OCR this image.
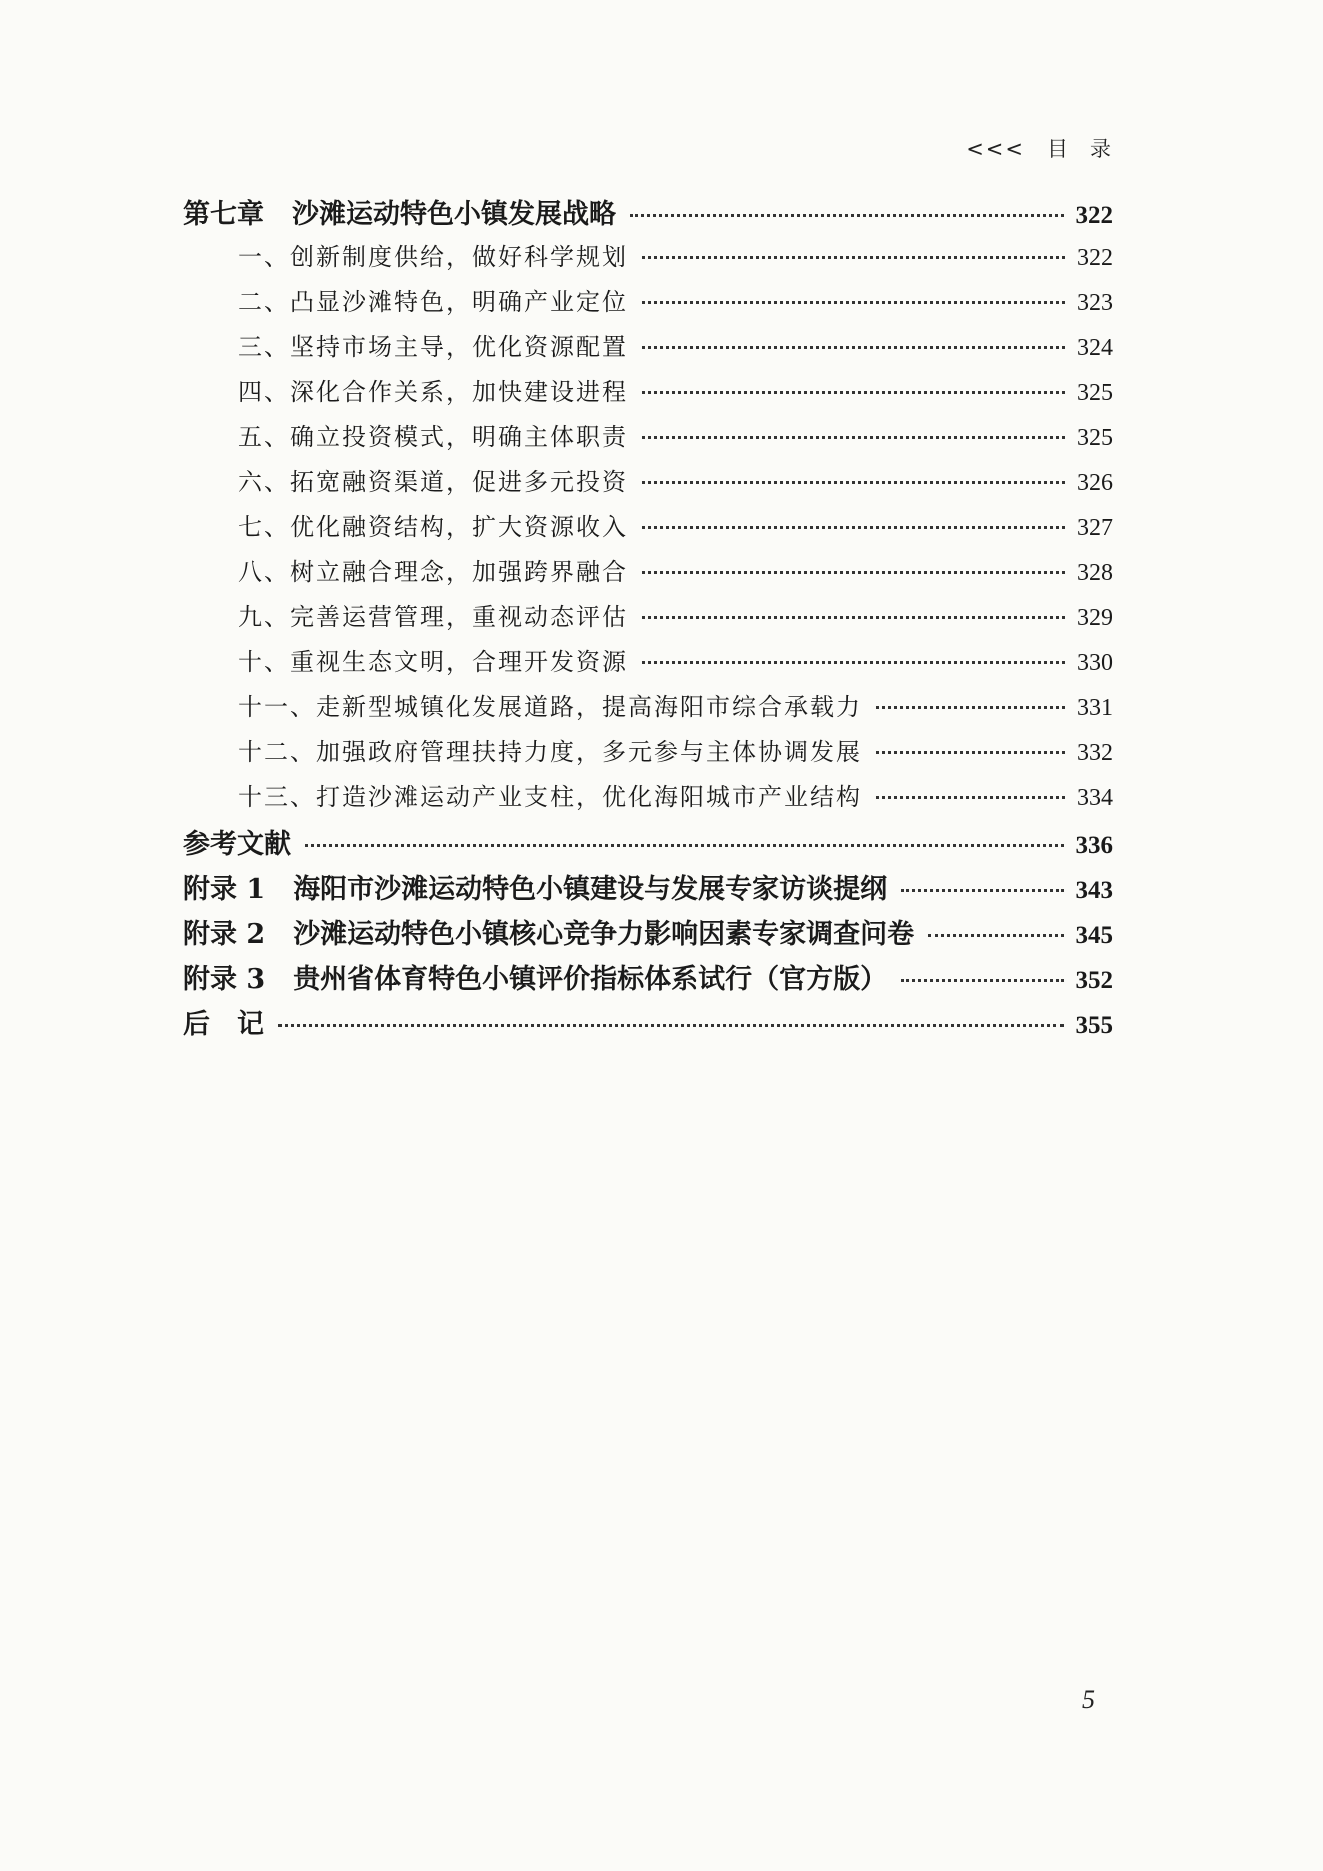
<<< 目 录
第七章 沙滩运动特色小镇发展战略	322
一、创新制度供给，做好科学规划	322
二、凸显沙滩特色，明确产业定位	323
三、坚持市场主导，优化资源配置	324
四、深化合作关系，加快建设进程	325
五、确立投资模式，明确主体职责	325
六、拓宽融资渠道，促进多元投资	326
七、优化融资结构，扩大资源收入	327
八、树立融合理念，加强跨界融合	328
九、完善运营管理，重视动态评估	329
十、重视生态文明，合理开发资源	330
十一、走新型城镇化发展道路，提高海阳市综合承载力	331
十二、加强政府管理扶持力度，多元参与主体协调发展	332
十三、打造沙滩运动产业支柱，优化海阳城市产业结构	334
参考文献	336
附录 1 海阳市沙滩运动特色小镇建设与发展专家访谈提纲	343
附录 2 沙滩运动特色小镇核心竞争力影响因素专家调查问卷	345
附录 3 贵州省体育特色小镇评价指标体系试行（官方版）	352
后　记	355
5
